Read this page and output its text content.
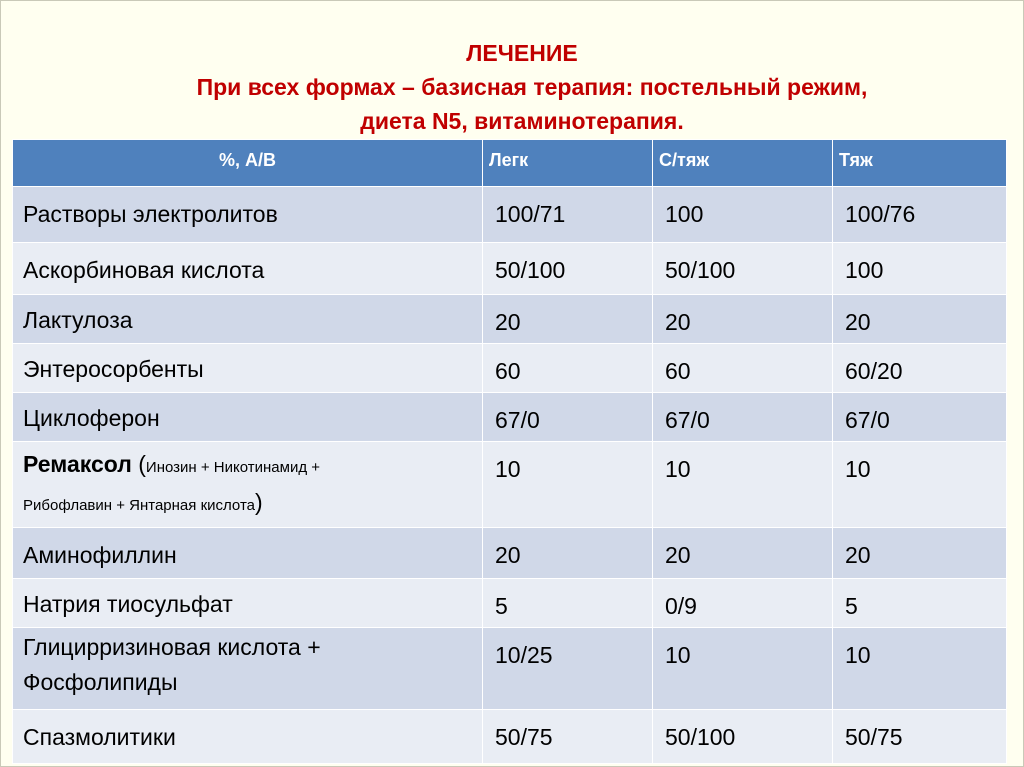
ЛЕЧЕНИЕ
При всех формах – базисная терапия: постельный режим,
диета N5, витаминотерапия.
%, А/В	Легк	С/тяж	Тяж

Растворы электролитов	100/71	100	100/76

Аскорбиновая кислота	50/100	50/100	100

Лактулоза	20	20	20

Энтеросорбенты	60	60	60/20

Циклоферон	67/0	67/0	67/0

Ремаксол (Инозин + Никотинамид +
Рибофлавин + Янтарная кислота)	10	10	10

Аминофиллин	20	20	20

Натрия тиосульфат	5	0/9	5

Глицирризиновая кислота +
Фосфолипиды	10/25	10	10

Спазмолитики	50/75	50/100	50/75
